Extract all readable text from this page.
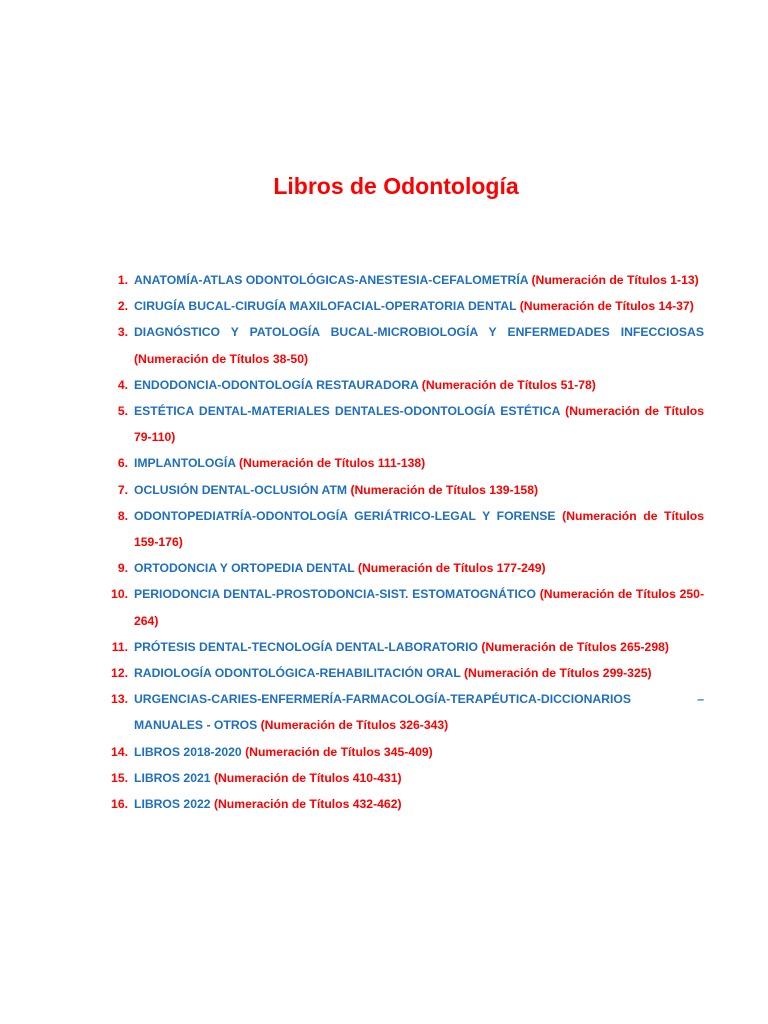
Libros de Odontología
1. ANATOMÍA-ATLAS ODONTOLÓGICAS-ANESTESIA-CEFALOMETRÍA (Numeración de Títulos 1-13)
2. CIRUGÍA BUCAL-CIRUGÍA MAXILOFACIAL-OPERATORIA DENTAL (Numeración de Títulos 14-37)
3. DIAGNÓSTICO Y PATOLOGÍA BUCAL-MICROBIOLOGÍA Y ENFERMEDADES INFECCIOSAS (Numeración de Títulos 38-50)
4. ENDODONCIA-ODONTOLOGÍA RESTAURADORA (Numeración de Títulos 51-78)
5. ESTÉTICA DENTAL-MATERIALES DENTALES-ODONTOLOGÍA ESTÉTICA (Numeración de Títulos 79-110)
6. IMPLANTOLOGÍA (Numeración de Títulos 111-138)
7. OCLUSIÓN DENTAL-OCLUSIÓN ATM (Numeración de Títulos 139-158)
8. ODONTOPEDIATRÍA-ODONTOLOGÍA GERIÁTRICO-LEGAL Y FORENSE (Numeración de Títulos 159-176)
9. ORTODONCIA Y ORTOPEDIA DENTAL (Numeración de Títulos 177-249)
10. PERIODONCIA DENTAL-PROSTODONCIA-SIST. ESTOMATOGNÁTICO (Numeración de Títulos 250-264)
11. PRÓTESIS DENTAL-TECNOLOGÍA DENTAL-LABORATORIO (Numeración de Títulos 265-298)
12. RADIOLOGÍA ODONTOLÓGICA-REHABILITACIÓN ORAL (Numeración de Títulos 299-325)
13. URGENCIAS-CARIES-ENFERMERÍA-FARMACOLOGÍA-TERAPÉUTICA-DICCIONARIOS – MANUALES - OTROS (Numeración de Títulos 326-343)
14. LIBROS 2018-2020 (Numeración de Títulos 345-409)
15. LIBROS 2021 (Numeración de Títulos 410-431)
16. LIBROS 2022 (Numeración de Títulos 432-462)
